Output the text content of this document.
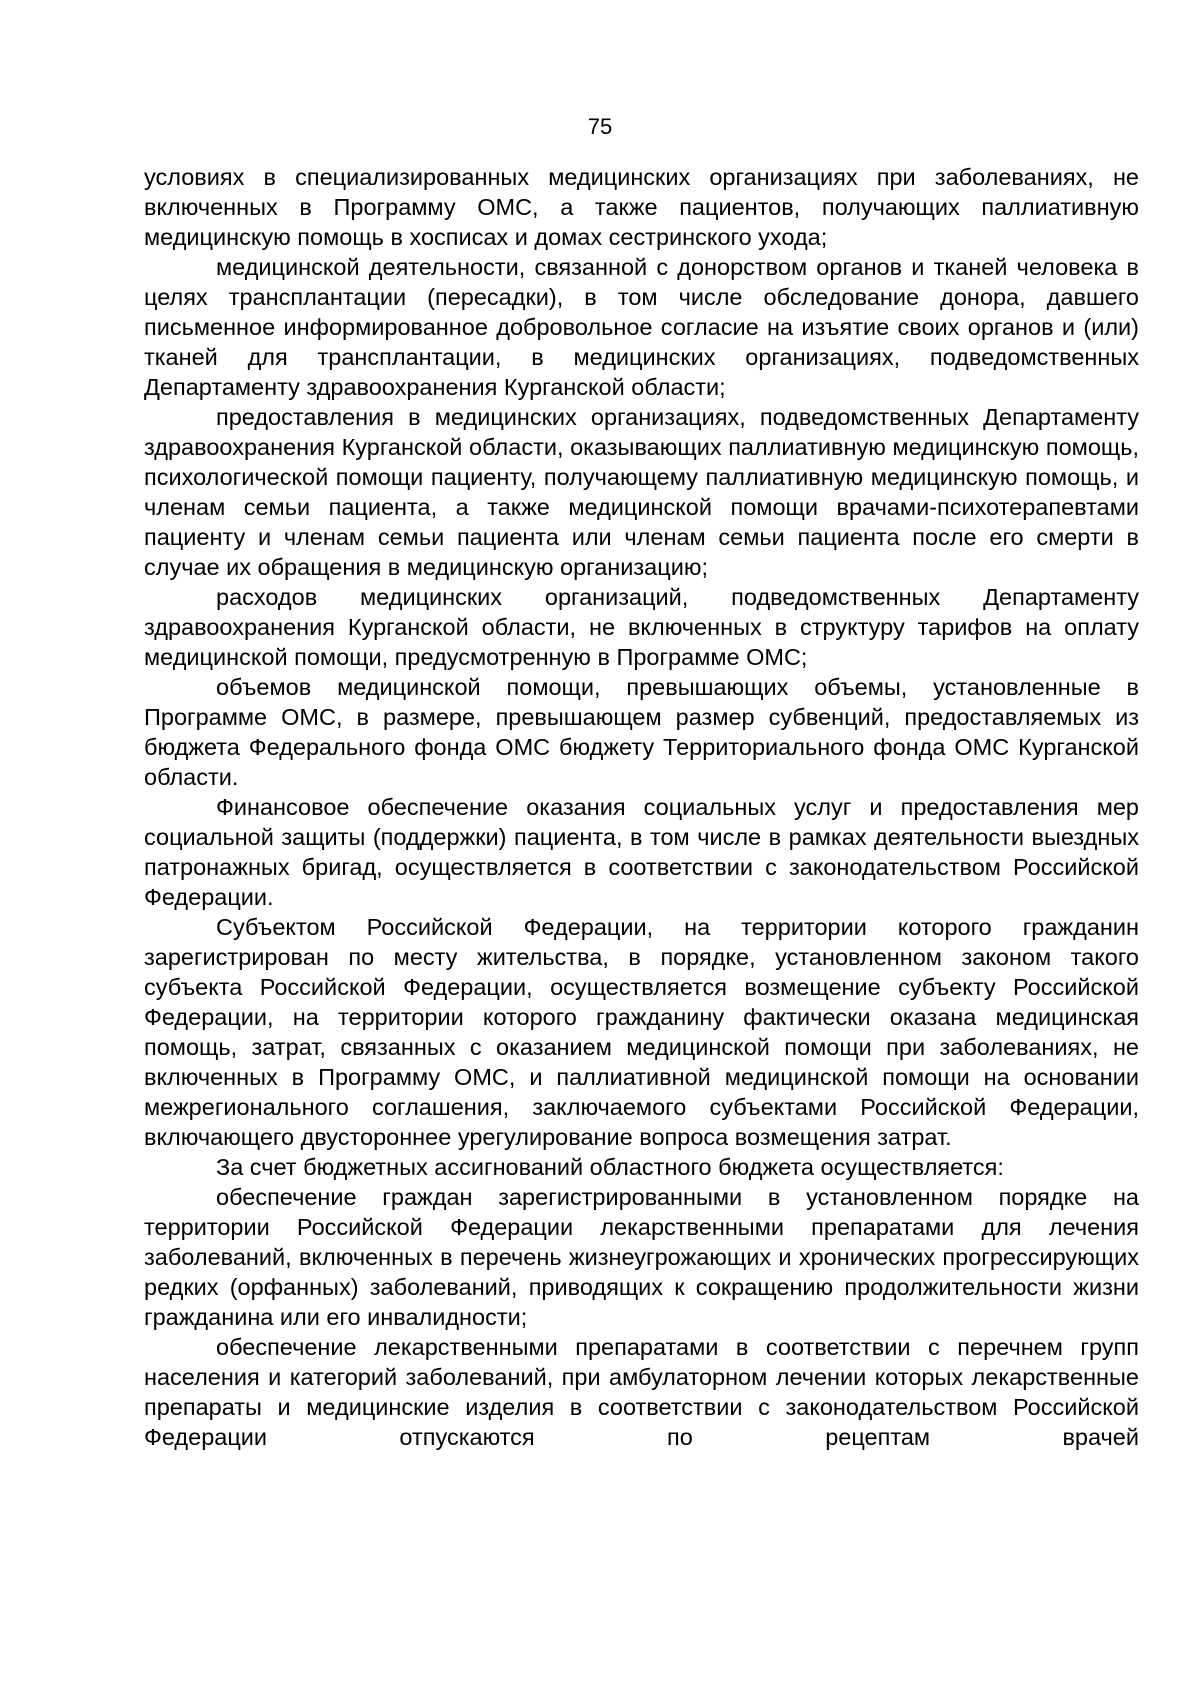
75

условиях в специализированных медицинских организациях при заболеваниях, не включенных в Программу ОМС, а также пациентов, получающих паллиативную медицинскую помощь в хосписах и домах сестринского ухода;

медицинской деятельности, связанной с донорством органов и тканей человека в целях трансплантации (пересадки), в том числе обследование донора, давшего письменное информированное добровольное согласие на изъятие своих органов и (или) тканей для трансплантации, в медицинских организациях, подведомственных Департаменту здравоохранения Курганской области;

предоставления в медицинских организациях, подведомственных Департаменту здравоохранения Курганской области, оказывающих паллиативную медицинскую помощь, психологической помощи пациенту, получающему паллиативную медицинскую помощь, и членам семьи пациента, а также медицинской помощи врачами-психотерапевтами пациенту и членам семьи пациента или членам семьи пациента после его смерти в случае их обращения в медицинскую организацию;

расходов медицинских организаций, подведомственных Департаменту здравоохранения Курганской области, не включенных в структуру тарифов на оплату медицинской помощи, предусмотренную в Программе ОМС;

объемов медицинской помощи, превышающих объемы, установленные в Программе ОМС, в размере, превышающем размер субвенций, предоставляемых из бюджета Федерального фонда ОМС бюджету Территориального фонда ОМС Курганской области.

Финансовое обеспечение оказания социальных услуг и предоставления мер социальной защиты (поддержки) пациента, в том числе в рамках деятельности выездных патронажных бригад, осуществляется в соответствии с законодательством Российской Федерации.

Субъектом Российской Федерации, на территории которого гражданин зарегистрирован по месту жительства, в порядке, установленном законом такого субъекта Российской Федерации, осуществляется возмещение субъекту Российской Федерации, на территории которого гражданину фактически оказана медицинская помощь, затрат, связанных с оказанием медицинской помощи при заболеваниях, не включенных в Программу ОМС, и паллиативной медицинской помощи на основании межрегионального соглашения, заключаемого субъектами Российской Федерации, включающего двустороннее урегулирование вопроса возмещения затрат.

За счет бюджетных ассигнований областного бюджета осуществляется:

обеспечение граждан зарегистрированными в установленном порядке на территории Российской Федерации лекарственными препаратами для лечения заболеваний, включенных в перечень жизнеугрожающих и хронических прогрессирующих редких (орфанных) заболеваний, приводящих к сокращению продолжительности жизни гражданина или его инвалидности;

обеспечение лекарственными препаратами в соответствии с перечнем групп населения и категорий заболеваний, при амбулаторном лечении которых лекарственные препараты и медицинские изделия в соответствии с законодательством Российской Федерации отпускаются по рецептам врачей
